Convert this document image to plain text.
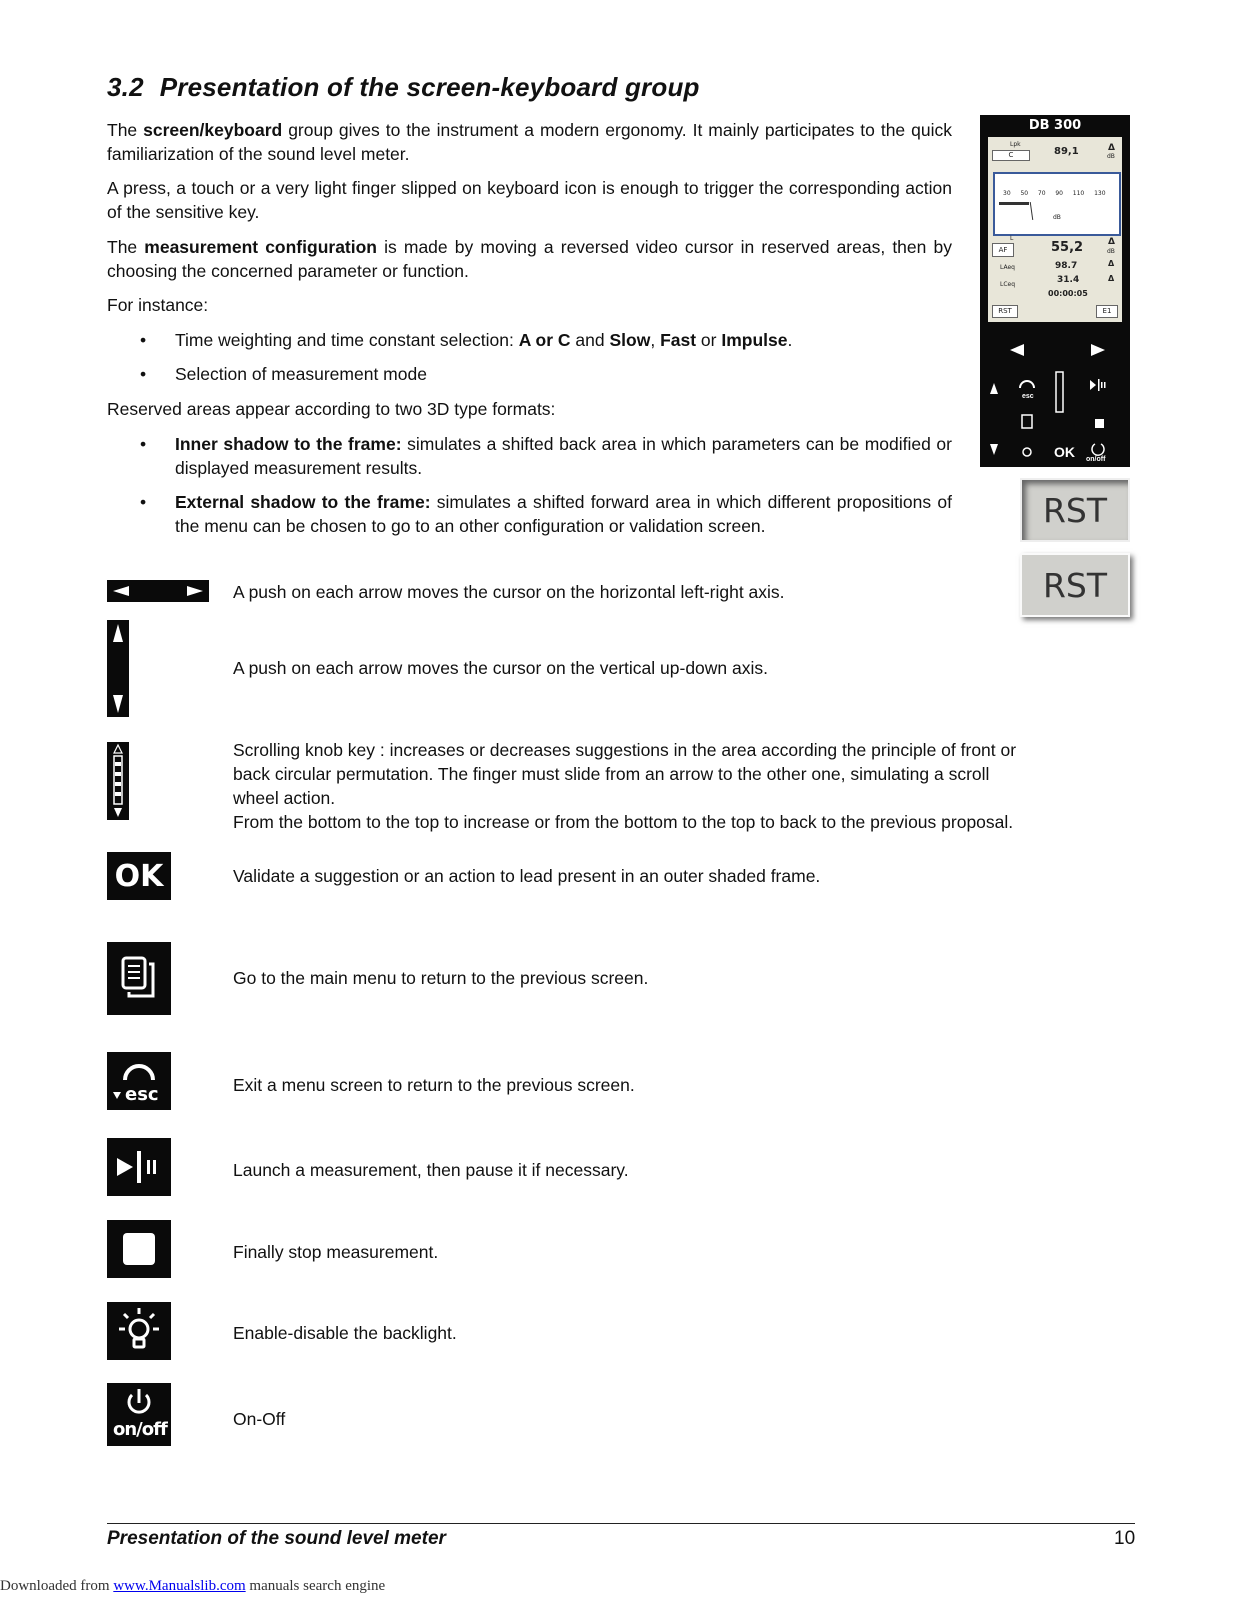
3.2 Presentation of the screen-keyboard group
The screen/keyboard group gives to the instrument a modern ergonomy. It mainly participates to the quick familiarization of the sound level meter.
A press, a touch or a very light finger slipped on keyboard icon is enough to trigger the corresponding action of the sensitive key.
The measurement configuration is made by moving a reversed video cursor in reserved areas, then by choosing the concerned parameter or function.
For instance:
• Time weighting and time constant selection: A or C and Slow, Fast or Impulse.
• Selection of measurement mode
Reserved areas appear according to two 3D type formats:
• Inner shadow to the frame: simulates a shifted back area in which parameters can be modified or displayed measurement results.
• External shadow to the frame: simulates a shifted forward area in which different propositions of the menu can be chosen to go to an other configuration or validation screen.
DB 300
Lpk
C	89,1	Δ
dB
30  50  70  90  110  130
dB
L
AF	55,2	Δ
dB
LAeq	98.7	Δ
LCeq	31.4	Δ
00:00:05
RST	E1
esc
OK on/off
RST
RST
A push on each arrow moves the cursor on the horizontal left-right axis.
A push on each arrow moves the cursor on the vertical up-down axis.
Scrolling knob key : increases or decreases suggestions in the area according the principle of front or back circular permutation. The finger must slide from an arrow to the other one, simulating a scroll wheel action.
From the bottom to the top to increase or from the bottom to the top to back to the previous proposal.
OK	Validate a suggestion or an action to lead present in an outer shaded frame.
Go to the main menu to return to the previous screen.
esc	Exit a menu screen to return to the previous screen.
Launch a measurement, then pause it if necessary.
Finally stop measurement.
Enable-disable the backlight.
on/off	On-Off
Presentation of the sound level meter	10
Downloaded from www.Manualslib.com manuals search engine
